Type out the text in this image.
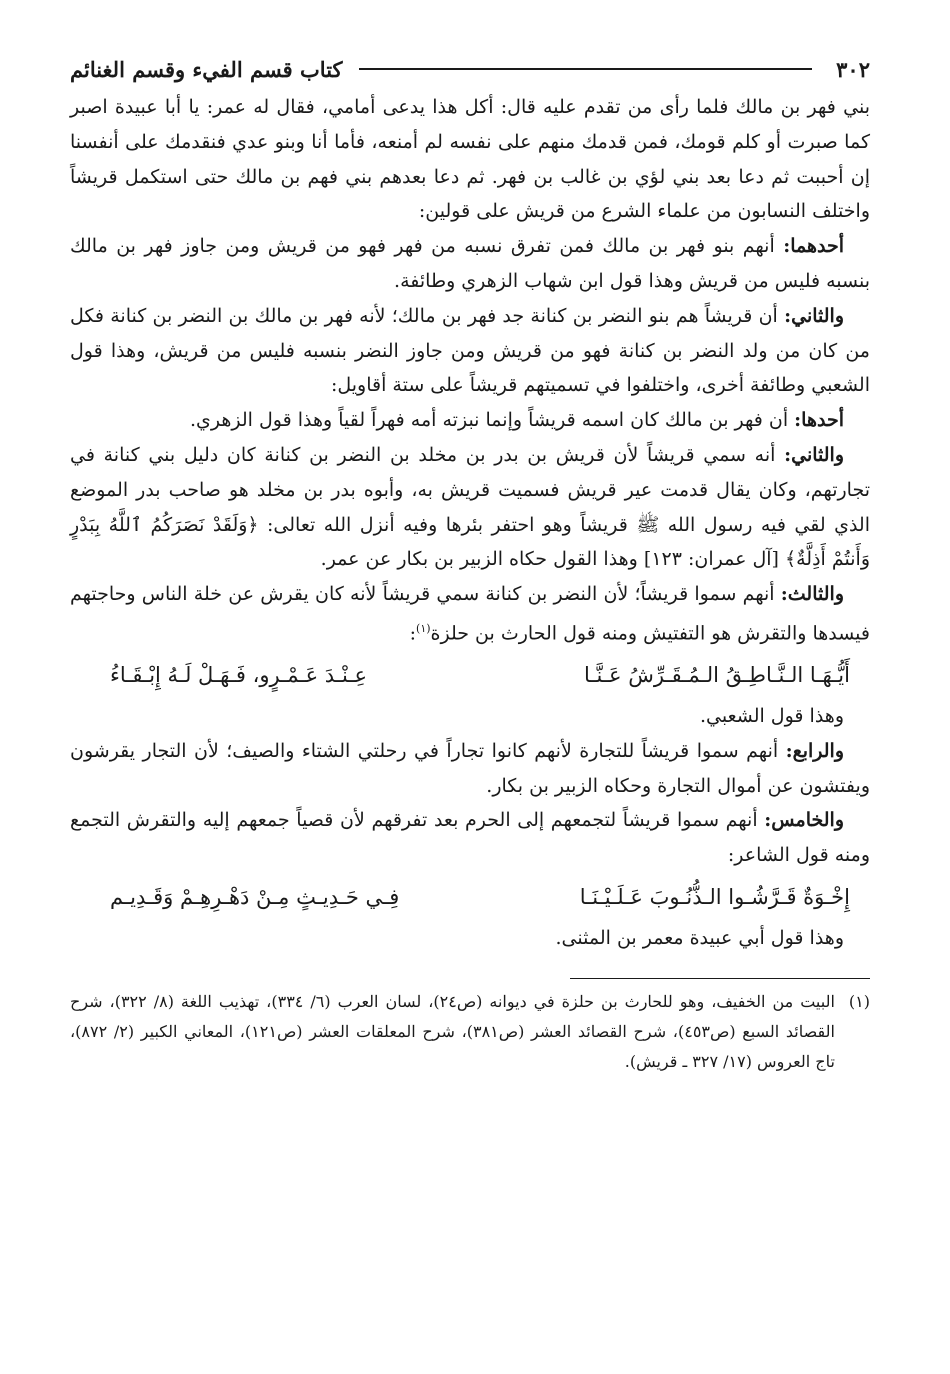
٣٠٢
كتاب قسم الفيء وقسم الغنائم

بني فهر بن مالك فلما رأى من تقدم عليه قال: أكل هذا يدعى أمامي، فقال له عمر: يا أبا عبيدة اصبر كما صبرت أو كلم قومك، فمن قدمك منهم على نفسه لم أمنعه، فأما أنا وبنو عدي فنقدمك على أنفسنا إن أحببت ثم دعا بعد بني لؤي بن غالب بن فهر. ثم دعا بعدهم بني فهم بن مالك حتى استكمل قريشاً واختلف النسابون من علماء الشرع من قريش على قولين:

أحدهما: أنهم بنو فهر بن مالك فمن تفرق نسبه من فهر فهو من قريش ومن جاوز فهر بن مالك بنسبه فليس من قريش وهذا قول ابن شهاب الزهري وطائفة.

والثاني: أن قريشاً هم بنو النضر بن كنانة جد فهر بن مالك؛ لأنه فهر بن مالك بن النضر بن كنانة فكل من كان من ولد النضر بن كنانة فهو من قريش ومن جاوز النضر بنسبه فليس من قريش، وهذا قول الشعبي وطائفة أخرى، واختلفوا في تسميتهم قريشاً على ستة أقاويل:

أحدها: أن فهر بن مالك كان اسمه قريشاً وإنما نبزته أمه فهراً لقياً وهذا قول الزهري.

والثاني: أنه سمي قريشاً لأن قريش بن بدر بن مخلد بن النضر بن كنانة كان دليل بني كنانة في تجارتهم، وكان يقال قدمت عير قريش فسميت قريش به، وأبوه بدر بن مخلد هو صاحب بدر الموضع الذي لقي فيه رسول الله ﷺ قريشاً وهو احتفر بئرها وفيه أنزل الله تعالى: ﴿وَلَقَدْ نَصَرَكُمُ ٱللَّهُ بِبَدْرٍ وَأَنتُمْ أَذِلَّةٌ﴾ [آل عمران: ١٢٣] وهذا القول حكاه الزبير بن بكار عن عمر.

والثالث: أنهم سموا قريشاً؛ لأن النضر بن كنانة سمي قريشاً لأنه كان يقرش عن خلة الناس وحاجتهم فيسدها والتقرش هو التفتيش ومنه قول الحارث بن حلزة$^{(١)}$:

أَيُّـهَـا الـنَّـاطِـقُ الـمُـقَـرِّشُ عَـنَّـا
عِـنْـدَ عَـمْـرٍو، فَـهَـلْ لَـهُ إِبْـقَـاءُ

وهذا قول الشعبي.

والرابع: أنهم سموا قريشاً للتجارة لأنهم كانوا تجاراً في رحلتي الشتاء والصيف؛ لأن التجار يقرشون ويفتشون عن أموال التجارة وحكاه الزبير بن بكار.

والخامس: أنهم سموا قريشاً لتجمعهم إلى الحرم بعد تفرقهم لأن قصياً جمعهم إليه والتقرش التجمع ومنه قول الشاعر:

إِخْـوَةٌ قَـرَّشُـوا الـذُّنُـوبَ عَـلَـيْـنَـا
فِـي حَـدِيـثٍ مِـنْ دَهْـرِهِـمْ وَقَـدِيـم

وهذا قول أبي عبيدة معمر بن المثنى.

(١)
البيت من الخفيف، وهو للحارث بن حلزة في ديوانه (ص٢٤)، لسان العرب (٦/ ٣٣٤)، تهذيب اللغة (٨/ ٣٢٢)، شرح القصائد السبع (ص٤٥٣)، شرح القصائد العشر (ص٣٨١)، شرح المعلقات العشر (ص١٢١)، المعاني الكبير (٢/ ٨٧٢)، تاج العروس (١٧/ ٣٢٧ ـ قريش).
